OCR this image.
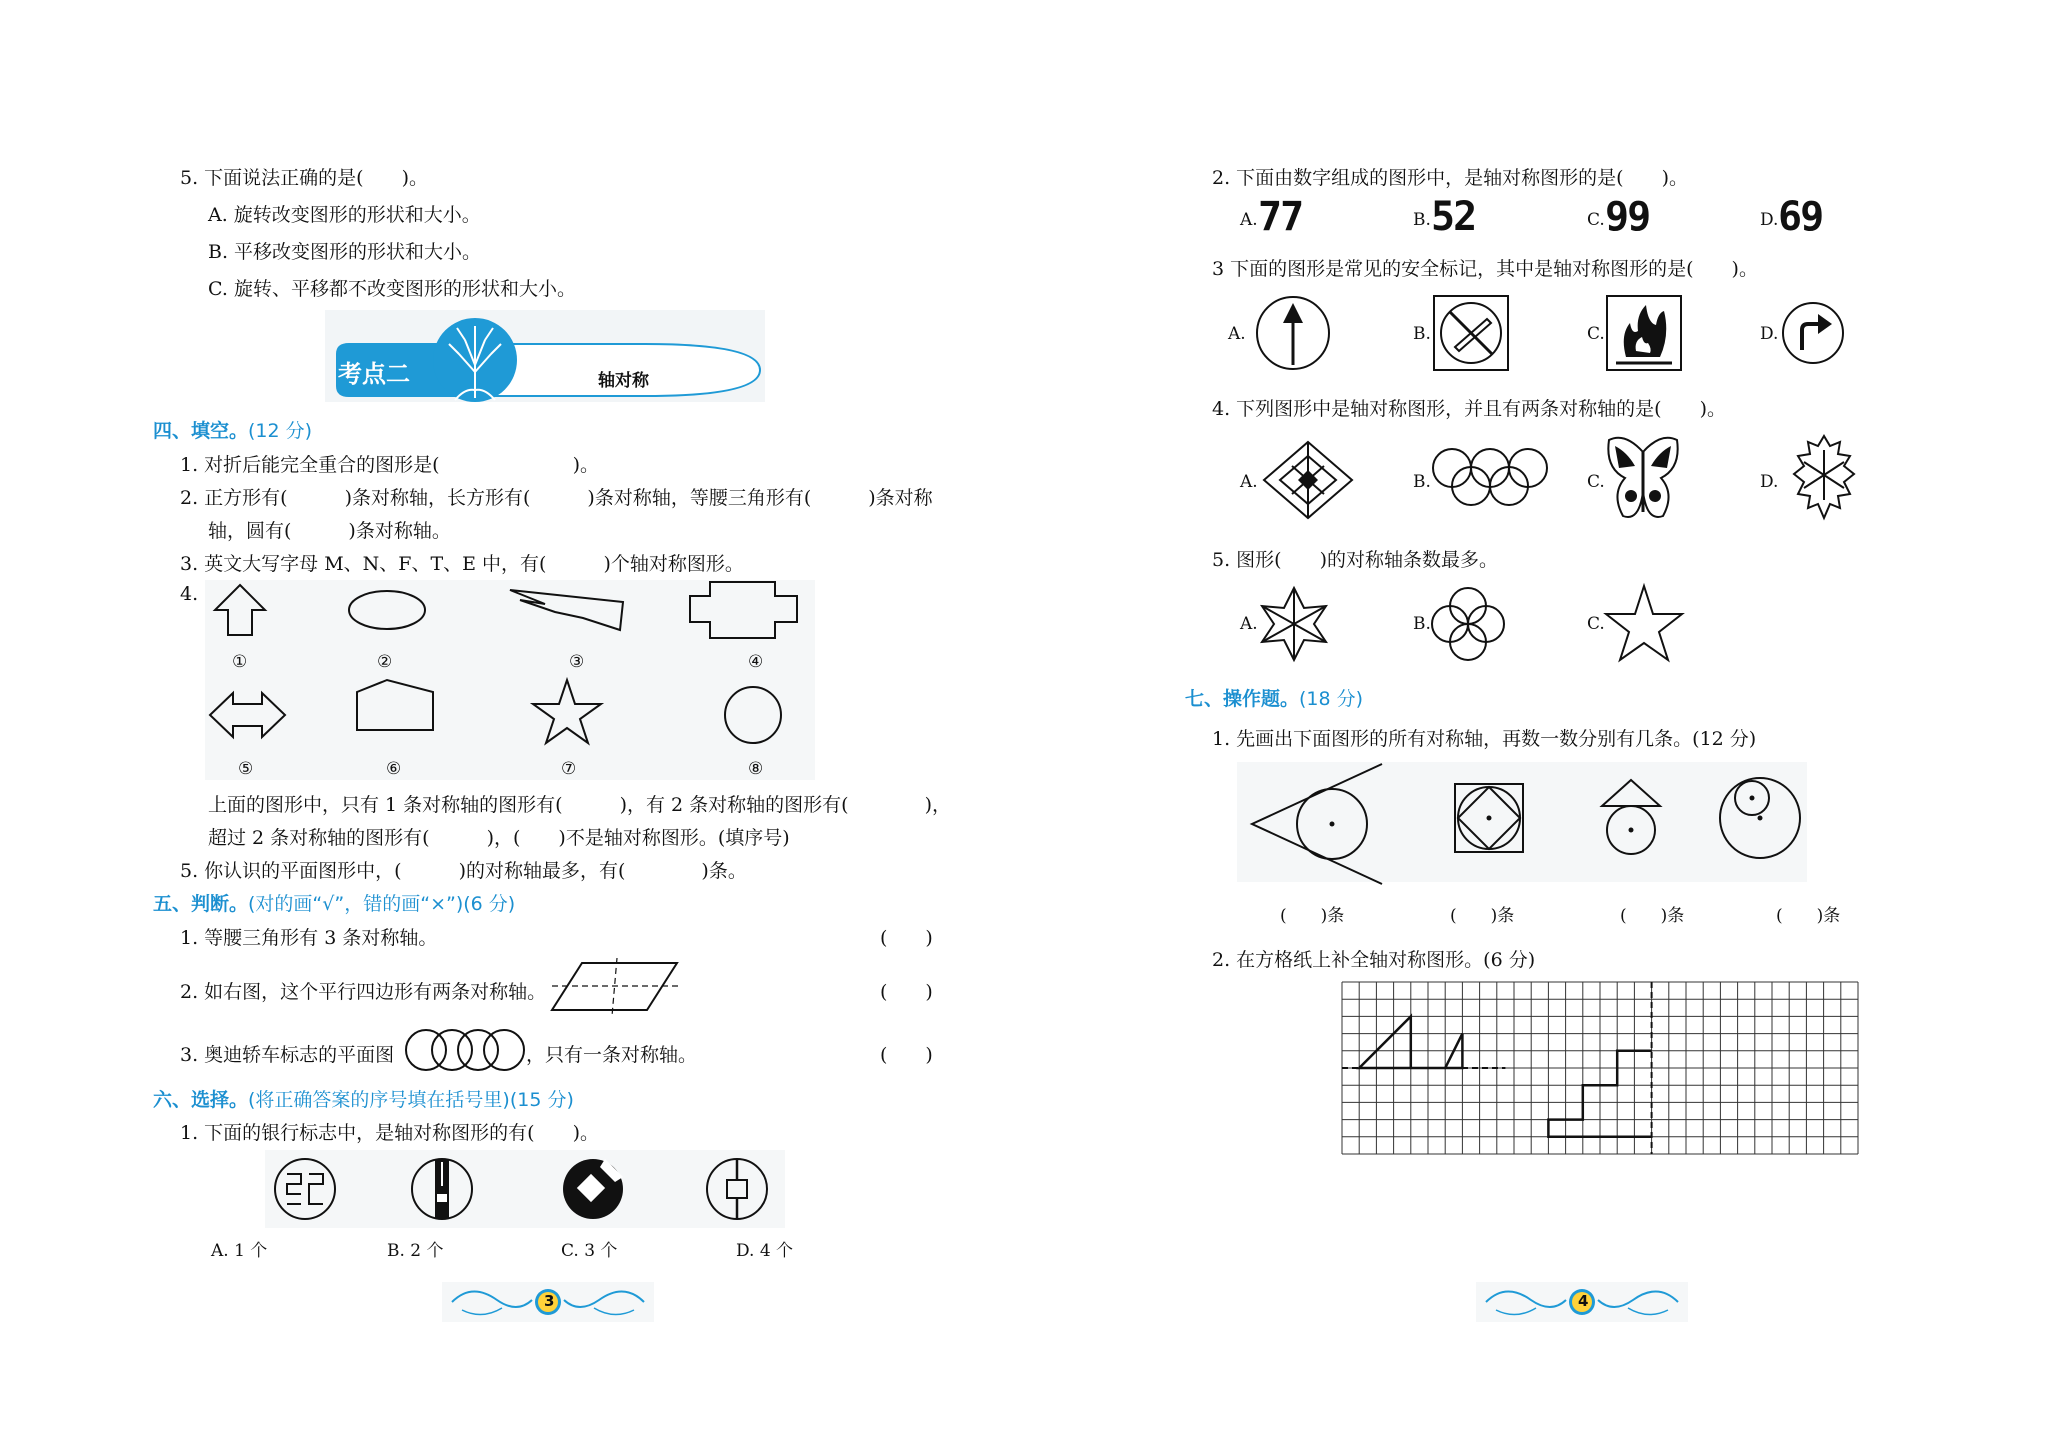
5. 下面说法正确的是(　　)。
A. 旋转改变图形的形状和大小。
B. 平移改变图形的形状和大小。
C. 旋转、平移都不改变图形的形状和大小。
考点二	轴对称
四、填空。(12 分)
1. 对折后能完全重合的图形是(　　　　　　　)。
2. 正方形有(　　　)条对称轴，长方形有(　　　)条对称轴，等腰三角形有(　　　)条对称
轴，圆有(　　　)条对称轴。
3. 英文大写字母 M、N、F、T、E 中，有(　　　)个轴对称图形。
4.
①	②	③	④
⑤	⑥	⑦	⑧
上面的图形中，只有 1 条对称轴的图形有(　　　)，有 2 条对称轴的图形有(　　　　)，
超过 2 条对称轴的图形有(　　　)，(　　)不是轴对称图形。(填序号)
5. 你认识的平面图形中，(　　　)的对称轴最多，有(　　　　)条。
五、判断。(对的画“√”，错的画“×”)(6 分)
1. 等腰三角形有 3 条对称轴。	(　　)
2. 如右图，这个平行四边形有两条对称轴。	(　　)
3. 奥迪轿车标志的平面图	，只有一条对称轴。	(　　)
六、选择。(将正确答案的序号填在括号里)(15 分)
1. 下面的银行标志中，是轴对称图形的有(　　)。
A. 1 个	B. 2 个	C. 3 个	D. 4 个
3
2. 下面由数字组成的图形中，是轴对称图形的是(　　)。
A. 77	B. 52	C. 99	D. 69
3 下面的图形是常见的安全标记，其中是轴对称图形的是(　　)。
A.	B.	C.	D.
4. 下列图形中是轴对称图形，并且有两条对称轴的是(　　)。
A.	B.	C.	D.
5. 图形(　　)的对称轴条数最多。
A.	B.	C.
七、操作题。(18 分)
1. 先画出下面图形的所有对称轴，再数一数分别有几条。(12 分)
(　　)条	(　　)条	(　　)条	(　　)条
2. 在方格纸上补全轴对称图形。(6 分)
4
